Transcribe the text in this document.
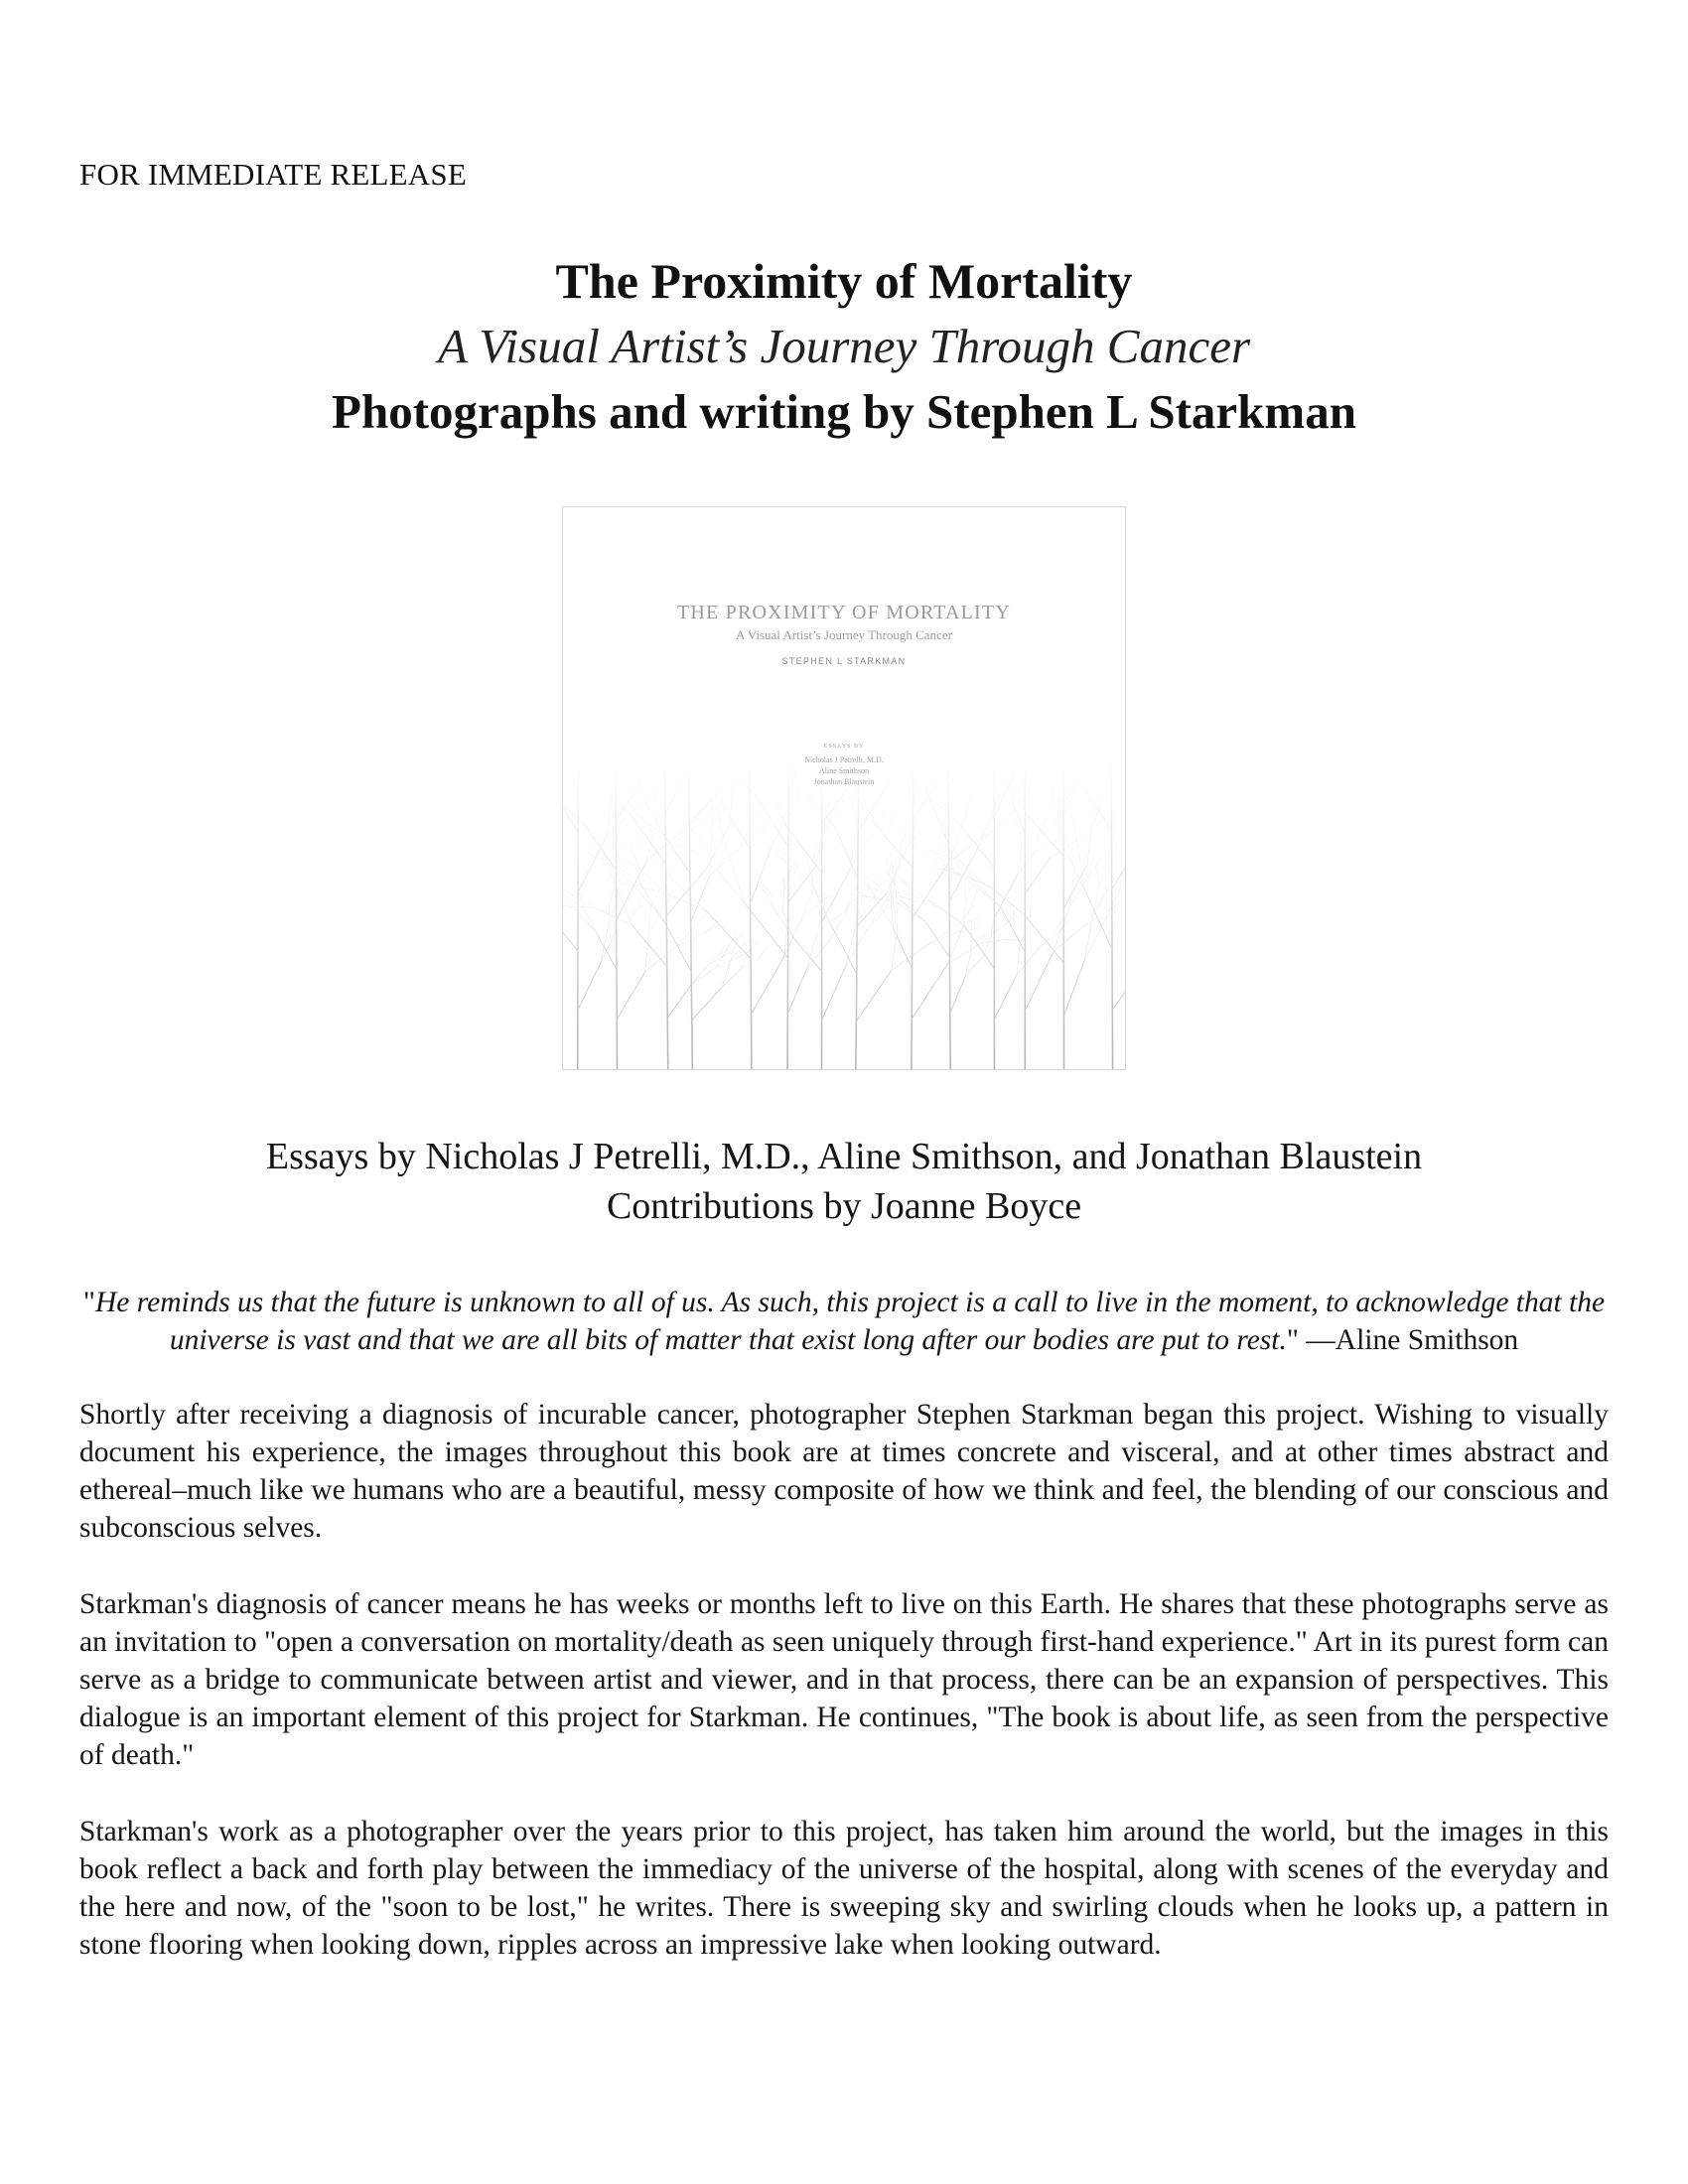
FOR IMMEDIATE RELEASE

The Proximity of Mortality

A Visual Artist’s Journey Through Cancer

Photographs and writing by Stephen L Starkman

THE PROXIMITY OF MORTALITY
A Visual Artist’s Journey Through Cancer
STEPHEN L STARKMAN
ESSAYS BY
Nicholas J Petrelli, M.D.
Aline Smithson
Jonathan Blaustein

Essays by Nicholas J Petrelli, M.D., Aline Smithson, and Jonathan Blaustein

Contributions by Joanne Boyce

"He reminds us that the future is unknown to all of us. As such, this project is a call to live in the moment, to acknowledge that the universe is vast and that we are all bits of matter that exist long after our bodies are put to rest." —Aline Smithson

Shortly after receiving a diagnosis of incurable cancer, photographer Stephen Starkman began this project. Wishing to visually document his experience, the images throughout this book are at times concrete and visceral, and at other times abstract and ethereal–much like we humans who are a beautiful, messy composite of how we think and feel, the blending of our conscious and subconscious selves.

Starkman's diagnosis of cancer means he has weeks or months left to live on this Earth. He shares that these photographs serve as an invitation to "open a conversation on mortality/death as seen uniquely through first-hand experience." Art in its purest form can serve as a bridge to communicate between artist and viewer, and in that process, there can be an expansion of perspectives. This dialogue is an important element of this project for Starkman. He continues, "The book is about life, as seen from the perspective of death."

Starkman's work as a photographer over the years prior to this project, has taken him around the world, but the images in this book reflect a back and forth play between the immediacy of the universe of the hospital, along with scenes of the everyday and the here and now, of the "soon to be lost," he writes. There is sweeping sky and swirling clouds when he looks up, a pattern in stone flooring when looking down, ripples across an impressive lake when looking outward.
